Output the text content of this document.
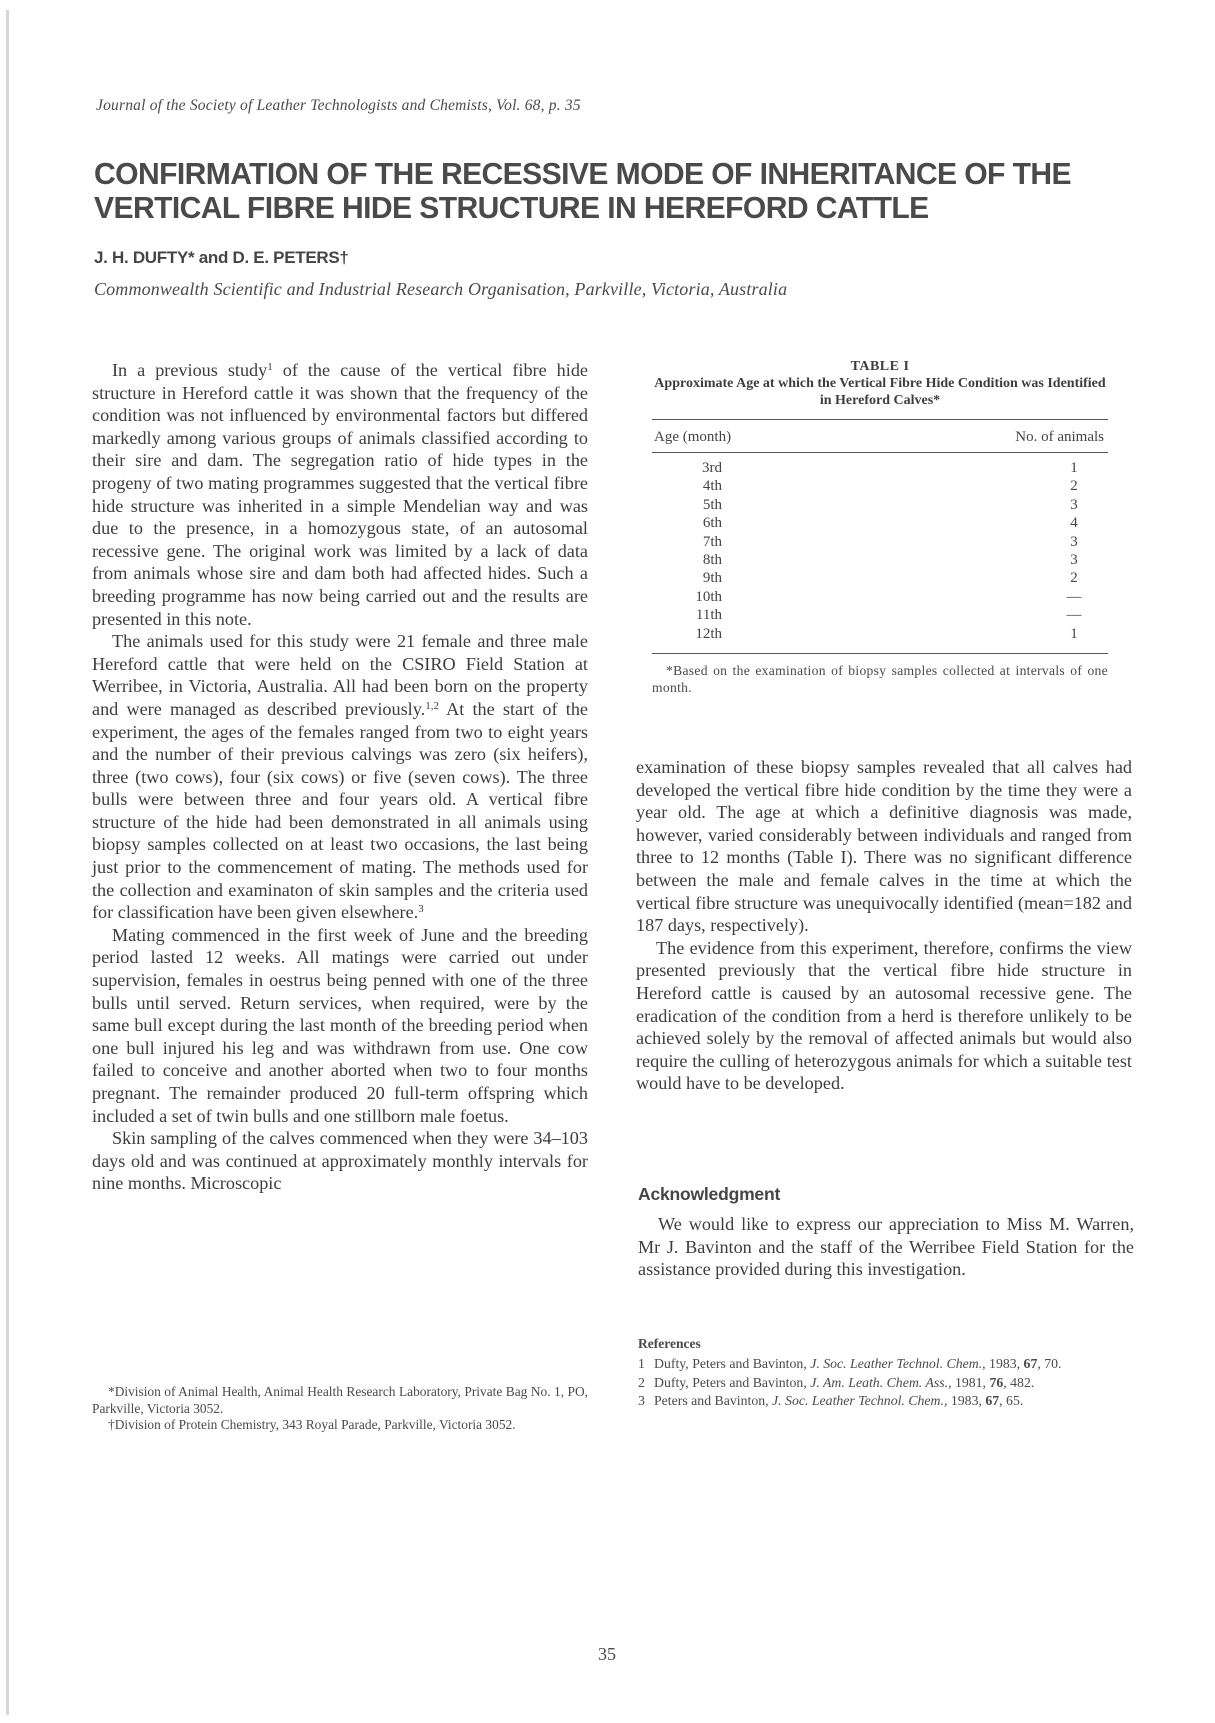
Journal of the Society of Leather Technologists and Chemists, Vol. 68, p. 35
CONFIRMATION OF THE RECESSIVE MODE OF INHERITANCE OF THE VERTICAL FIBRE HIDE STRUCTURE IN HEREFORD CATTLE
J. H. DUFTY* and D. E. PETERS†
Commonwealth Scientific and Industrial Research Organisation, Parkville, Victoria, Australia

In a previous study$^1$ of the cause of the vertical fibre hide structure in Hereford cattle it was shown that the frequency of the condition was not influenced by environmental factors but differed markedly among various groups of animals classified according to their sire and dam. The segregation ratio of hide types in the progeny of two mating programmes suggested that the vertical fibre hide structure was inherited in a simple Mendelian way and was due to the presence, in a homozygous state, of an autosomal recessive gene. The original work was limited by a lack of data from animals whose sire and dam both had affected hides. Such a breeding programme has now being carried out and the results are presented in this note.

The animals used for this study were 21 female and three male Hereford cattle that were held on the CSIRO Field Station at Werribee, in Victoria, Australia. All had been born on the property and were managed as described previously.$^{1,2}$ At the start of the experiment, the ages of the females ranged from two to eight years and the number of their previous calvings was zero (six heifers), three (two cows), four (six cows) or five (seven cows). The three bulls were between three and four years old. A vertical fibre structure of the hide had been demonstrated in all animals using biopsy samples collected on at least two occasions, the last being just prior to the commencement of mating. The methods used for the collection and examinaton of skin samples and the criteria used for classification have been given elsewhere.$^3$

Mating commenced in the first week of June and the breeding period lasted 12 weeks. All matings were carried out under supervision, females in oestrus being penned with one of the three bulls until served. Return services, when required, were by the same bull except during the last month of the breeding period when one bull injured his leg and was withdrawn from use. One cow failed to conceive and another aborted when two to four months pregnant. The remainder produced 20 full-term offspring which included a set of twin bulls and one stillborn male foetus.

Skin sampling of the calves commenced when they were 34–103 days old and was continued at approximately monthly intervals for nine months. Microscopic

*Division of Animal Health, Animal Health Research Laboratory, Private Bag No. 1, PO, Parkville, Victoria 3052.

†Division of Protein Chemistry, 343 Royal Parade, Parkville, Victoria 3052.

TABLE I
Approximate Age at which the Vertical Fibre Hide Condition was Identified in Hereford Calves*
Age (month)	No. of animals
3rd	1
4th	2
5th	3
6th	4
7th	3
8th	3
9th	2
10th	—
11th	—
12th	1
*Based on the examination of biopsy samples collected at intervals of one month.

examination of these biopsy samples revealed that all calves had developed the vertical fibre hide condition by the time they were a year old. The age at which a definitive diagnosis was made, however, varied considerably between individuals and ranged from three to 12 months (Table I). There was no significant difference between the male and female calves in the time at which the vertical fibre structure was unequivocally identified (mean=182 and 187 days, respectively).

The evidence from this experiment, therefore, confirms the view presented previously that the vertical fibre hide structure in Hereford cattle is caused by an autosomal recessive gene. The eradication of the condition from a herd is therefore unlikely to be achieved solely by the removal of affected animals but would also require the culling of heterozygous animals for which a suitable test would have to be developed.

Acknowledgment

We would like to express our appreciation to Miss M. Warren, Mr J. Bavinton and the staff of the Werribee Field Station for the assistance provided during this investigation.

References
1 Dufty, Peters and Bavinton, J. Soc. Leather Technol. Chem., 1983, 67, 70.
2 Dufty, Peters and Bavinton, J. Am. Leath. Chem. Ass., 1981, 76, 482.
3 Peters and Bavinton, J. Soc. Leather Technol. Chem., 1983, 67, 65.
35
